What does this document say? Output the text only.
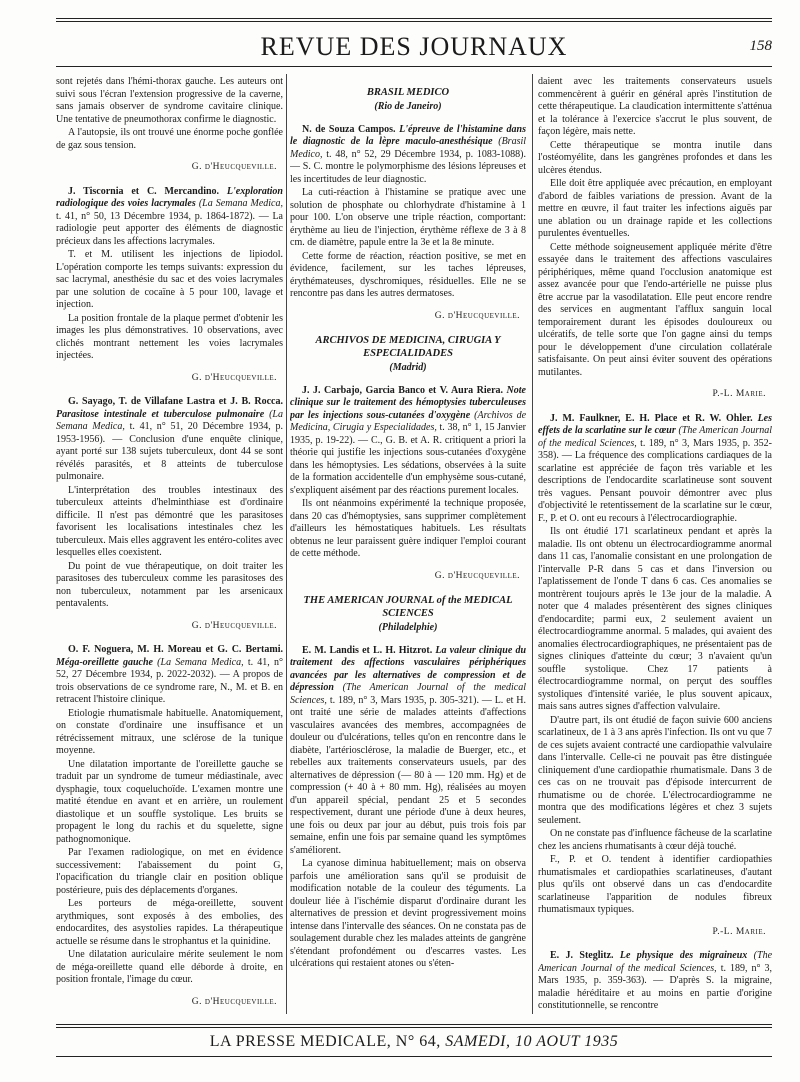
REVUE DES JOURNAUX	158

sont rejetés dans l'hémi-thorax gauche. Les auteurs ont suivi sous l'écran l'extension progressive de la caverne, sans jamais observer de syndrome cavitaire clinique. Une tentative de pneumothorax confirme le diagnostic.

A l'autopsie, ils ont trouvé une énorme poche gonflée de gaz sous tension.

G. d'Heucqueville.

J. Tiscornia et C. Mercandino. L'exploration radiologique des voies lacrymales (La Semana Medica, t. 41, n° 50, 13 Décembre 1934, p. 1864-1872). — La radiologie peut apporter des éléments de diagnostic précieux dans les affections lacrymales.

T. et M. utilisent les injections de lipiodol. L'opération comporte les temps suivants: expression du sac lacrymal, anesthésie du sac et des voies lacrymales par une solution de cocaïne à 5 pour 100, lavage et injection.

La position frontale de la plaque permet d'obtenir les images les plus démonstratives. 10 observations, avec clichés montrant nettement les voies lacrymales injectées.

G. d'Heucqueville.

G. Sayago, T. de Villafane Lastra et J. B. Rocca. Parasitose intestinale et tuberculose pulmonaire (La Semana Medica, t. 41, n° 51, 20 Décembre 1934, p. 1953-1956). — Conclusion d'une enquête clinique, ayant porté sur 138 sujets tuberculeux, dont 44 se sont révélés parasités, et 8 atteints de tuberculose pulmonaire.

L'interprétation des troubles intestinaux des tuberculeux atteints d'helminthiase est d'ordinaire difficile. Il n'est pas démontré que les parasitoses favorisent les localisations intestinales chez les tuberculeux. Mais elles aggravent les entéro-colites avec lesquelles elles coexistent.

Du point de vue thérapeutique, on doit traiter les parasitoses des tuberculeux comme les parasitoses des non tuberculeux, notamment par les arsenicaux pentavalents.

G. d'Heucqueville.

O. F. Noguera, M. H. Moreau et G. C. Bertami. Méga-oreillette gauche (La Semana Medica, t. 41, n° 52, 27 Décembre 1934, p. 2022-2032). — A propos de trois observations de ce syndrome rare, N., M. et B. en retracent l'histoire clinique.

Etiologie rhumatismale habituelle. Anatomiquement, on constate d'ordinaire une insuffisance et un rétrécissement mitraux, une sclérose de la tunique moyenne.

Une dilatation importante de l'oreillette gauche se traduit par un syndrome de tumeur médiastinale, avec dysphagie, toux coqueluchoïde. L'examen montre une matité étendue en avant et en arrière, un roulement diastolique et un souffle systolique. Les bruits se propagent le long du rachis et du squelette, signe pathognomonique.

Par l'examen radiologique, on met en évidence successivement: l'abaissement du point G, l'opacification du triangle clair en position oblique postérieure, puis des déplacements d'organes.

Les porteurs de méga-oreillette, souvent arythmiques, sont exposés à des embolies, des endocardites, des asystolies rapides. La thérapeutique actuelle se résume dans le strophantus et la quinidine.

Une dilatation auriculaire mérite seulement le nom de méga-oreillette quand elle déborde à droite, en position frontale, l'image du cœur.

G. d'Heucqueville.
BRASIL MEDICO
(Rio de Janeiro)

N. de Souza Campos. L'épreuve de l'histamine dans le diagnostic de la lèpre maculo-anesthésique (Brasil Medico, t. 48, n° 52, 29 Décembre 1934, p. 1083-1088). — S. C. montre le polymorphisme des lésions lépreuses et les incertitudes de leur diagnostic.

La cuti-réaction à l'histamine se pratique avec une solution de phosphate ou chlorhydrate d'histamine à 1 pour 100. L'on observe une triple réaction, comportant: érythème au lieu de l'injection, érythème réflexe de 3 à 8 cm. de diamètre, papule entre la 3e et la 8e minute.

Cette forme de réaction, réaction positive, se met en évidence, facilement, sur les taches lépreuses, érythémateuses, dyschromiques, résiduelles. Elle ne se rencontre pas dans les autres dermatoses.

G. d'Heucqueville.
ARCHIVOS DE MEDICINA, CIRUGIA Y ESPECIALIDADES
(Madrid)

J. J. Carbajo, Garcia Banco et V. Aura Riera. Note clinique sur le traitement des hémoptysies tuberculeuses par les injections sous-cutanées d'oxygène (Archivos de Medicina, Cirugia y Especialidades, t. 38, n° 1, 15 Janvier 1935, p. 19-22). — C., G. B. et A. R. critiquent a priori la théorie qui justifie les injections sous-cutanées d'oxygène dans les hémoptysies. Les sédations, observées à la suite de la formation accidentelle d'un emphysème sous-cutané, s'expliquent aisément par des réactions purement locales.

Ils ont néanmoins expérimenté la technique proposée, dans 20 cas d'hémoptysies, sans supprimer complètement d'ailleurs les hémostatiques habituels. Les résultats obtenus ne leur paraissent guère indiquer l'emploi courant de cette méthode.

G. d'Heucqueville.
THE AMERICAN JOURNAL of the MEDICAL SCIENCES
(Philadelphie)

E. M. Landis et L. H. Hitzrot. La valeur clinique du traitement des affections vasculaires périphériques avancées par les alternatives de compression et de dépression (The American Journal of the medical Sciences, t. 189, n° 3, Mars 1935, p. 305-321). — L. et H. ont traité une série de malades atteints d'affections vasculaires avancées des membres, accompagnées de douleur ou d'ulcérations, telles qu'on en rencontre dans le diabète, l'artériosclérose, la maladie de Buerger, etc., et rebelles aux traitements conservateurs usuels, par des alternatives de dépression (— 80 à — 120 mm. Hg) et de compression (+ 40 à + 80 mm. Hg), réalisées au moyen d'un appareil spécial, pendant 25 et 5 secondes respectivement, durant une période d'une à deux heures, une fois ou deux par jour au début, puis trois fois par semaine, enfin une fois par semaine quand les symptômes s'améliorent.

La cyanose diminua habituellement; mais on observa parfois une amélioration sans qu'il se produisit de modification notable de la couleur des téguments. La douleur liée à l'ischémie disparut d'ordinaire durant les alternatives de pression et devint progressivement moins intense dans l'intervalle des séances. On ne constata pas de soulagement durable chez les malades atteints de gangrène s'étendant profondément ou d'escarres vastes. Les ulcérations qui restaient atones ou s'éten-

daient avec les traitements conservateurs usuels commencèrent à guérir en général après l'institution de cette thérapeutique. La claudication intermittente s'atténua et la tolérance à l'exercice s'accrut le plus souvent, de façon légère, mais nette.

Cette thérapeutique se montra inutile dans l'ostéomyélite, dans les gangrènes profondes et dans les ulcères étendus.

Elle doit être appliquée avec précaution, en employant d'abord de faibles variations de pression. Avant de la mettre en œuvre, il faut traiter les infections aiguës par une ablation ou un drainage rapide et les collections purulentes éventuelles.

Cette méthode soigneusement appliquée mérite d'être essayée dans le traitement des affections vasculaires périphériques, même quand l'occlusion anatomique est assez avancée pour que l'endo-artérielle ne puisse plus être accrue par la vasodilatation. Elle peut encore rendre des services en augmentant l'afflux sanguin local temporairement durant les épisodes douloureux ou ulcératifs, de telle sorte que l'on gagne ainsi du temps pour le développement d'une circulation collatérale satisfaisante. On peut ainsi éviter souvent des opérations mutilantes.

P.-L. Marie.

J. M. Faulkner, E. H. Place et R. W. Ohler. Les effets de la scarlatine sur le cœur (The American Journal of the medical Sciences, t. 189, n° 3, Mars 1935, p. 352-358). — La fréquence des complications cardiaques de la scarlatine est appréciée de façon très variable et les descriptions de l'endocardite scarlatineuse sont souvent très vagues. Pensant pouvoir démontrer avec plus d'objectivité le retentissement de la scarlatine sur le cœur, F., P. et O. ont eu recours à l'électrocardiographie.

Ils ont étudié 171 scarlatineux pendant et après la maladie. Ils ont obtenu un électrocardiogramme anormal dans 11 cas, l'anomalie consistant en une prolongation de l'intervalle P-R dans 5 cas et dans l'inversion ou l'aplatissement de l'onde T dans 6 cas. Ces anomalies se montrèrent toujours après le 13e jour de la maladie. A noter que 4 malades présentèrent des signes cliniques d'endocardite; parmi eux, 2 seulement avaient un électrocardiogramme anormal. 5 malades, qui avaient des anomalies électrocardiographiques, ne présentaient pas de signes cliniques d'atteinte du cœur; 3 n'avaient qu'un souffle systolique. Chez 17 patients à électrocardiogramme normal, on perçut des souffles systoliques d'intensité variée, le plus souvent apicaux, mais sans autres signes d'affection valvulaire.

D'autre part, ils ont étudié de façon suivie 600 anciens scarlatineux, de 1 à 3 ans après l'infection. Ils ont vu que 7 de ces sujets avaient contracté une cardiopathie valvulaire dans l'intervalle. Celle-ci ne pouvait pas être distinguée cliniquement d'une cardiopathie rhumatismale. Dans 3 de ces cas on ne trouvait pas d'épisode intercurrent de rhumatisme ou de chorée. L'électrocardiogramme ne montra que des modifications légères et chez 3 sujets seulement.

On ne constate pas d'influence fâcheuse de la scarlatine chez les anciens rhumatisants à cœur déjà touché.

F., P. et O. tendent à identifier cardiopathies rhumatismales et cardiopathies scarlatineuses, d'autant plus qu'ils ont observé dans un cas d'endocardite scarlatineuse l'apparition de nodules fibreux rhumatismaux typiques.

P.-L. Marie.

E. J. Steglitz. Le physique des migraineux (The American Journal of the medical Sciences, t. 189, n° 3, Mars 1935, p. 359-363). — D'après S. la migraine, maladie héréditaire et au moins en partie d'origine constitutionnelle, se rencontre

LA PRESSE MEDICALE, N° 64, SAMEDI, 10 AOUT 1935
